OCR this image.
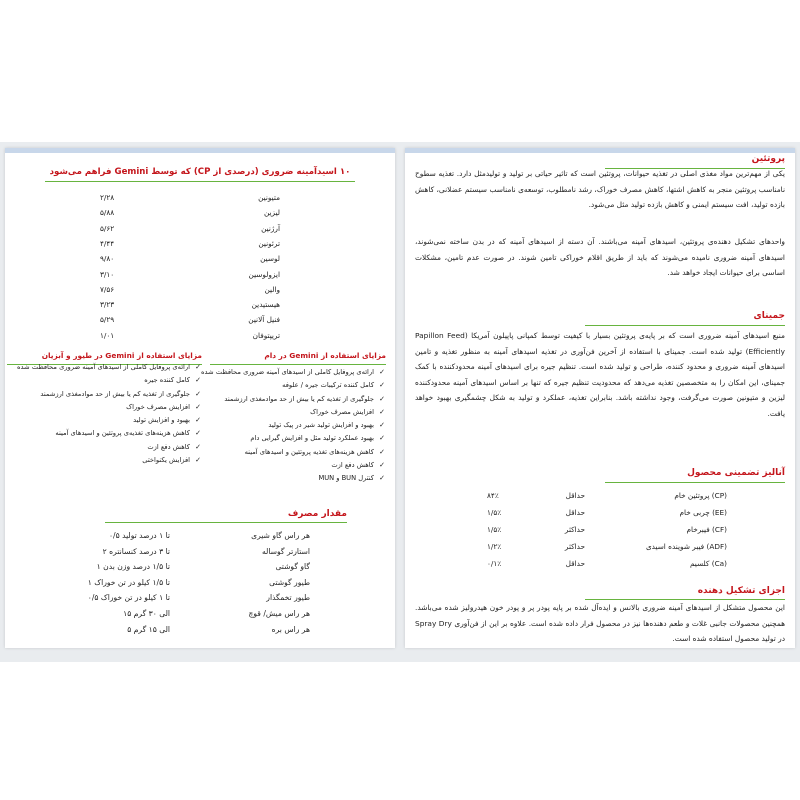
۱۰ اسیدآمینه ضروری (درصدی از CP) که توسط Gemini فراهم می‌شود
متیونین
۲/۲۸
لیزین
۵/۸۸
آرژنین
۵/۶۲
ترئونین
۴/۴۴
لوسین
۹/۸۰
ایزولوسین
۳/۱۰
والین
۷/۵۶
هیستیدین
۳/۲۳
فنیل آلانین
۵/۲۹
تریپتوفان
۱/۰۱
مزایای استفاده از Gemini در دام
✓
ارائه‌ی پروفایل کاملی از اسیدهای آمینه ضروری محافظت شده
✓
کامل کننده ترکیبات جیره / علوفه
✓
جلوگیری از تغذیه کم یا بیش از حد موادمغذی ارزشمند
✓
افزایش مصرف خوراک
✓
بهبود و افزایش تولید شیر در پیک تولید
✓
بهبود عملکرد تولید مثل و افزایش گیرایی دام
✓
کاهش هزینه‌های تغذیه پروتئین و اسیدهای آمینه
✓
کاهش دفع ازت
✓
کنترل BUN و MUN
مزایای استفاده از Gemini در طیور و آبزیان
✓
ارائه‌ی پروفایل کاملی از اسیدهای آمینه ضروری محافظت شده
✓
کامل کننده جیره
✓
جلوگیری از تغذیه کم یا بیش از حد موادمغذی ارزشمند
✓
افزایش مصرف خوراک
✓
بهبود و افزایش تولید
✓
کاهش هزینه‌های تغذیه‌ی پروتئین و اسیدهای آمینه
✓
کاهش دفع ازت
✓
افزایش یکنواختی
مقدار مصرف
هر راس گاو شیری
۰/۵ تا ۱ درصد تولید
استارتر گوساله
۲ تا ۳ درصد کنسانتره
گاو گوشتی
۱ تا ۱/۵ درصد وزن بدن
طیور گوشتی
۱ تا ۱/۵ کیلو در تن خوراک
طیور تخمگذار
۰/۵ تا ۱ کیلو در تن خوراک
هر راس میش/ قوچ
۱۵ الی ۳۰ گرم
هر راس بره
۵ الی ۱۵ گرم
پروتئین
یکی از مهم‌ترین مواد مغذی اصلی در تغذیه حیوانات، پروتئین است که تاثیر حیاتی بر تولید و تولیدمثل دارد. تغذیه سطوح نامناسب پروتئین منجر به کاهش اشتها، کاهش مصرف خوراک، رشد نامطلوب، توسعه‌ی نامناسب سیستم عضلانی، کاهش بازده تولید، افت سیستم ایمنی و کاهش بازده تولید مثل می‌شود.
واحدهای تشکیل دهنده‌ی پروتئین، اسیدهای آمینه می‌باشند. آن دسته از اسیدهای آمینه که در بدن ساخته نمی‌شوند، اسیدهای آمینه ضروری نامیده می‌شوند که باید از طریق اقلام خوراکی تامین شوند. در صورت عدم تامین، مشکلات اساسی برای حیوانات ایجاد خواهد شد.
جمینای
منبع اسیدهای آمینه ضروری است که بر پایه‌ی پروتئین بسیار با کیفیت توسط کمپانی پاپیلون آمریکا (Papillon Feed Efficiently) تولید شده است. جمینای با استفاده از آخرین فن‌آوری در تغذیه اسیدهای آمینه به منظور تغذیه و تامین اسیدهای آمینه ضروری و محدود کننده، طراحی و تولید شده است. تنظیم جیره برای اسیدهای آمینه محدودکننده با کمک جمینای، این امکان را به متخصصین تغذیه می‌دهد که محدودیت تنظیم جیره که تنها بر اساس اسیدهای آمینه محدودکننده لیزین و متیونین صورت می‌گرفت، وجود نداشته باشد. بنابراین تغذیه، عملکرد و تولید به شکل چشمگیری بهبود خواهد یافت.
آنالیز تضمینی محصول
پروتئین خام (CP)
حداقل
۸۴٪
چربی خام (EE)
حداقل
۱/۵٪
فیبرخام (CF)
حداکثر
۱/۵٪
فیبر شوینده اسیدی (ADF)
حداکثر
۱/۲٪
کلسیم (Ca)
حداقل
۰/۱٪
اجزای تشکیل دهنده
این محصول متشکل از اسیدهای آمینه ضروری بالانس و ایده‌آل شده بر پایه پودر پر و پودر خون هیدرولیز شده می‌باشد. همچنین محصولات جانبی غلات و طعم دهنده‌ها نیز در محصول فرار داده شده است. علاوه بر این از فن‌آوری Spray Dry در تولید محصول استفاده شده است.
